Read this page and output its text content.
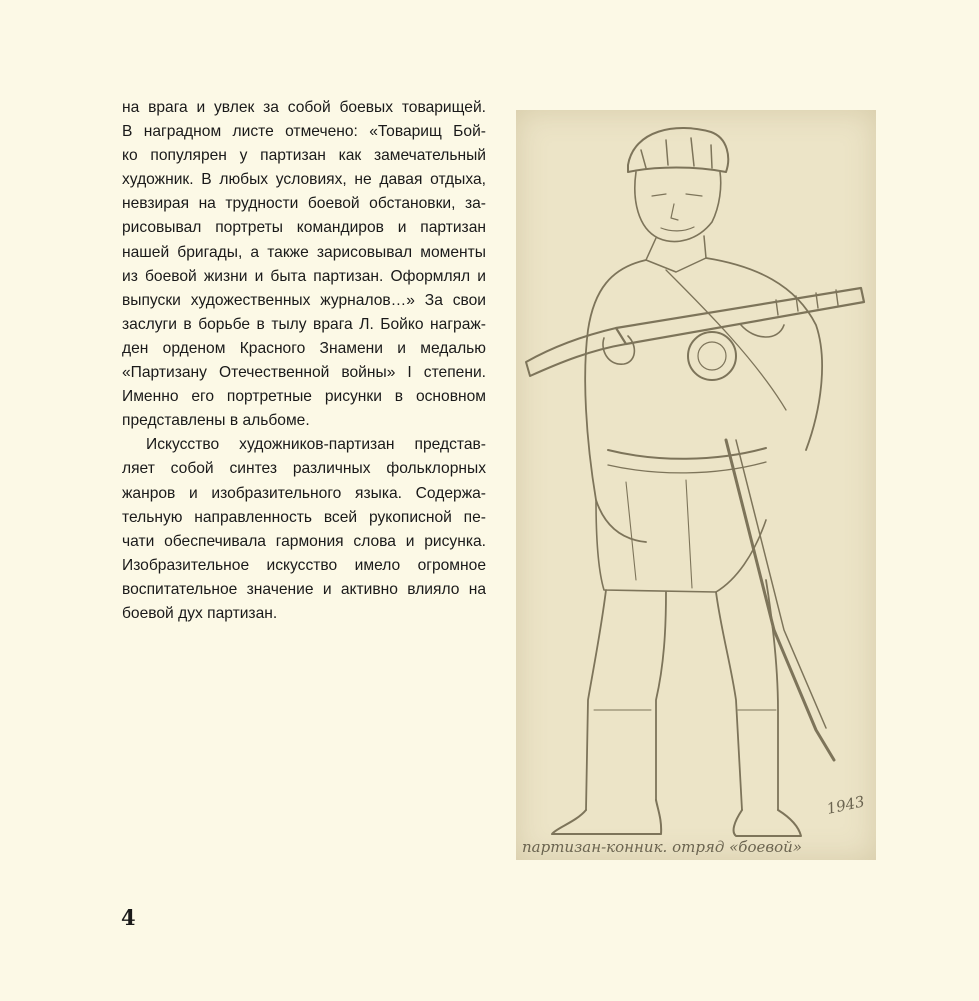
на врага и увлек за собой боевых товарищей.
В наградном листе отмечено: «Товарищ Бой-
ко популярен у партизан как замечательный
художник. В любых условиях, не давая отдыха,
невзирая на трудности боевой обстановки, за-
рисовывал портреты командиров и партизан
нашей бригады, а также зарисовывал моменты
из боевой жизни и быта партизан. Оформлял и
выпуски художественных журналов…» За свои
заслуги в борьбе в тылу врага Л. Бойко награж-
ден орденом Красного Знамени и медалью
«Партизану Отечественной войны» I степени.
Именно его портретные рисунки в основном
представлены в альбоме.

Искусство художников-партизан представ-
ляет собой синтез различных фольклорных
жанров и изобразительного языка. Содержа-
тельную направленность всей рукописной пе-
чати обеспечивала гармония слова и рисунка.
Изобразительное искусство имело огромное
воспитательное значение и активно влияло на
боевой дух партизан.

партизан-конник. отряд «боевой»
1943
4
